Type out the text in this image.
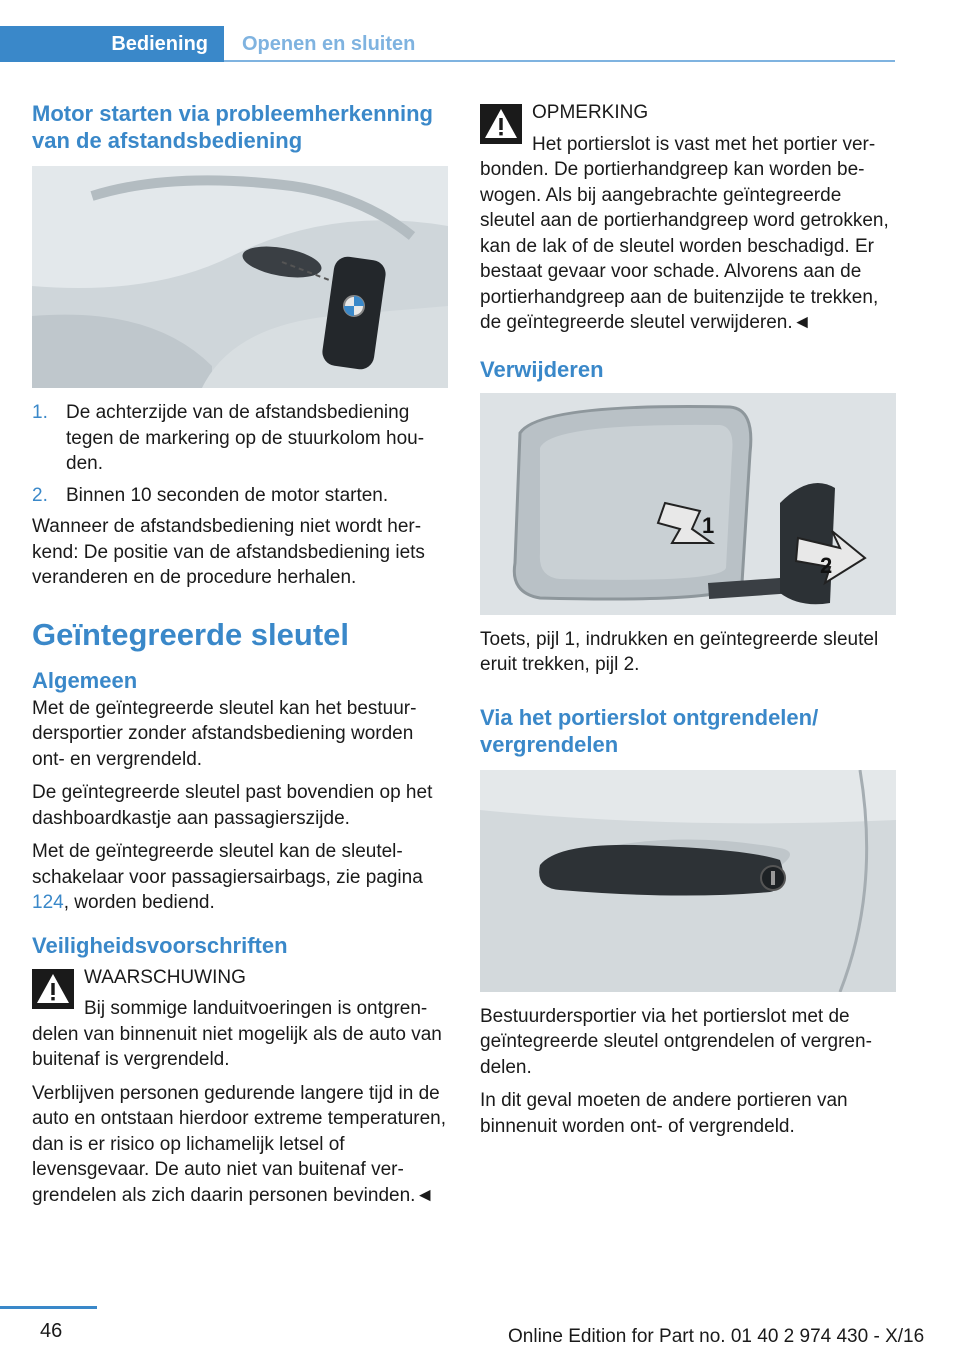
Bediening Openen en sluiten
Motor starten via probleemherkenning van de afstandsbediening
1. De achterzijde van de afstandsbediening tegen de markering op de stuurkolom houden.
2. Binnen 10 seconden de motor starten.

Wanneer de afstandsbediening niet wordt herkend: De positie van de afstandsbediening iets veranderen en de procedure herhalen.

Geïntegreerde sleutel
Algemeen

Met de geïntegreerde sleutel kan het bestuurdersportier zonder afstandsbediening worden ont- en vergrendeld.

De geïntegreerde sleutel past bovendien op het dashboardkastje aan passagierszijde.

Met de geïntegreerde sleutel kan de sleutelschakelaar voor passagiersairbags, zie pagina 124, worden bediend.

Veiligheidsvoorschriften
WAARSCHUWING

Bij sommige landuitvoeringen is ontgrendelen van binnenuit niet mogelijk als de auto van buitenaf is vergrendeld.

Verblijven personen gedurende langere tijd in de auto en ontstaan hierdoor extreme temperaturen, dan is er risico op lichamelijk letsel of levensgevaar. De auto niet van buitenaf vergrendelen als zich daarin personen bevinden.◄

OPMERKING

Het portierslot is vast met het portier verbonden. De portierhandgreep kan worden bewogen. Als bij aangebrachte geïntegreerde sleutel aan de portierhandgreep word getrokken, kan de lak of de sleutel worden beschadigd. Er bestaat gevaar voor schade. Alvorens aan de portierhandgreep aan de buitenzijde te trekken, de geïntegreerde sleutel verwijderen.◄

Verwijderen
1
2

Toets, pijl 1, indrukken en geïntegreerde sleutel eruit trekken, pijl 2.

Via het portierslot ontgrendelen/ vergrendelen

Bestuurdersportier via het portierslot met de geïntegreerde sleutel ontgrendelen of vergrendelen.

In dit geval moeten de andere portieren van binnenuit worden ont- of vergrendeld.

46	Online Edition for Part no. 01 40 2 974 430 - X/16
